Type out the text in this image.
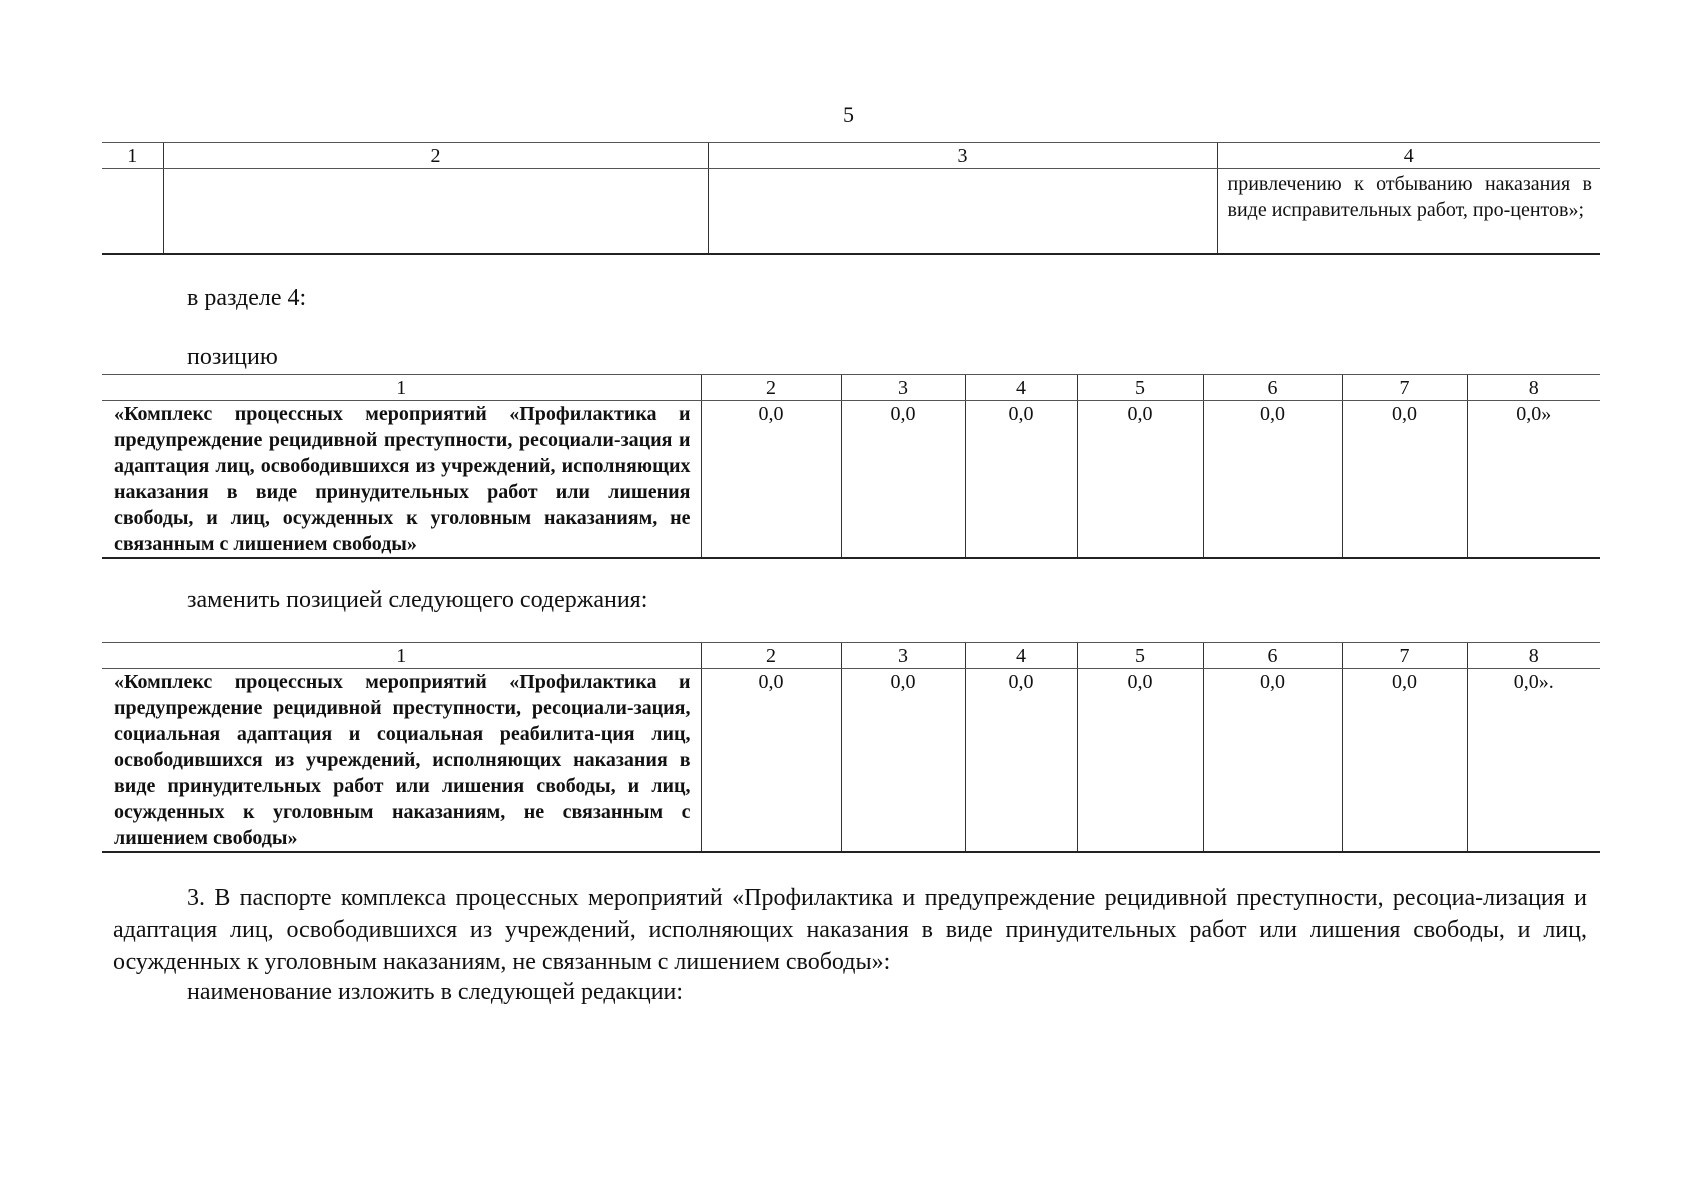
5
1	2	3	4
			привлечению к отбыванию наказания в виде исправительных работ, про-центов»;
в разделе 4:
позицию
1	2	3	4	5	6	7	8
«Комплекс процессных мероприятий «Профилактика и предупреждение рецидивной преступности, ресоциали-зация и адаптация лиц, освободившихся из учреждений, исполняющих наказания в виде принудительных работ или лишения свободы, и лиц, осужденных к уголовным наказаниям, не связанным с лишением свободы»	0,0	0,0	0,0	0,0	0,0	0,0	0,0»
заменить позицией следующего содержания:
1	2	3	4	5	6	7	8
«Комплекс процессных мероприятий «Профилактика и предупреждение рецидивной преступности, ресоциали-зация, социальная адаптация и социальная реабилита-ция лиц, освободившихся из учреждений, исполняющих наказания в виде принудительных работ или лишения свободы, и лиц, осужденных к уголовным наказаниям, не связанным с лишением свободы»	0,0	0,0	0,0	0,0	0,0	0,0	0,0».
3. В паспорте комплекса процессных мероприятий «Профилактика и предупреждение рецидивной преступности, ресоциа-лизация и адаптация лиц, освободившихся из учреждений, исполняющих наказания в виде принудительных работ или лишения свободы, и лиц, осужденных к уголовным наказаниям, не связанным с лишением свободы»:
наименование изложить в следующей редакции:
